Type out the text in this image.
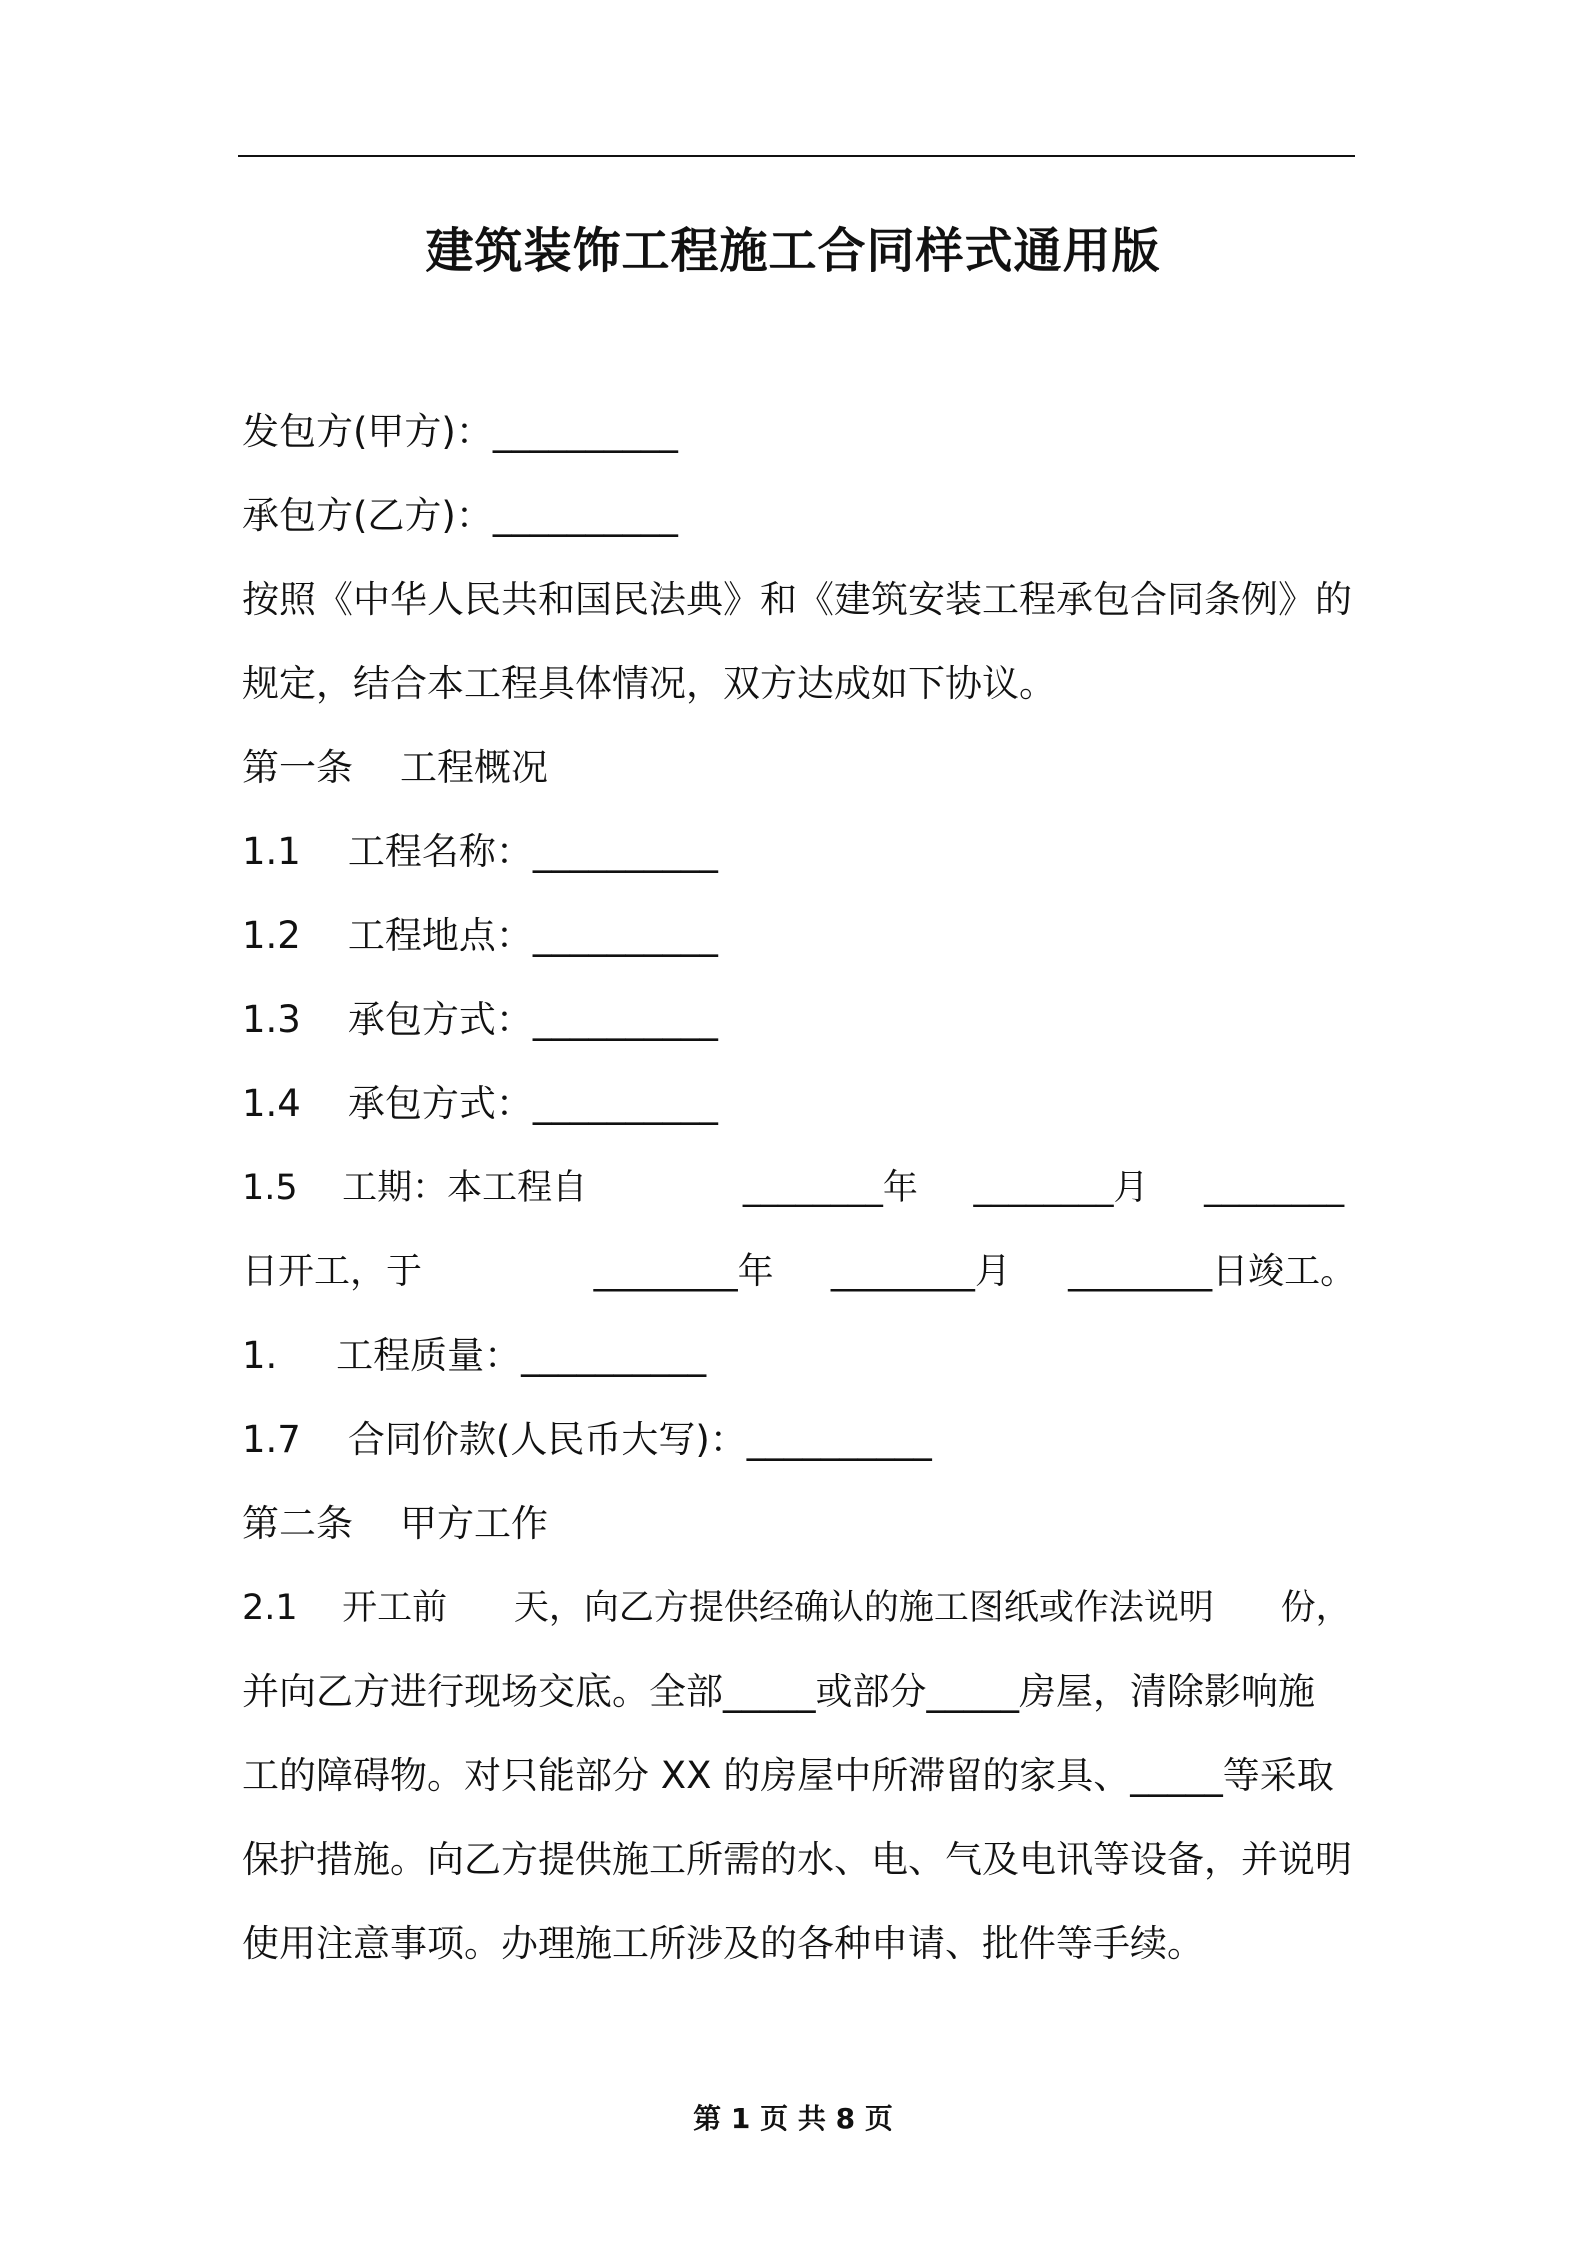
建筑装饰工程施工合同样式通用版
发包方(甲方)：__________
承包方(乙方)：__________
按照《中华人民共和国民法典》和《建筑安装工程承包合同条例》的
规定，结合本工程具体情况，双方达成如下协议。
第一条    工程概况
1.1    工程名称：__________
1.2    工程地点：__________
1.3    承包方式：__________
1.4    承包方式：__________
1.5    工期：本工程自              ________年     ________月     ________
日开工，于               ________年     ________月     ________日竣工。
1.     工程质量：__________
1.7    合同价款(人民币大写)：__________
第二条    甲方工作
2.1    开工前      天，向乙方提供经确认的施工图纸或作法说明      份，
并向乙方进行现场交底。全部_____或部分_____房屋，清除影响施
工的障碍物。对只能部分 XX 的房屋中所滞留的家具、_____等采取
保护措施。向乙方提供施工所需的水、电、气及电讯等设备，并说明
使用注意事项。办理施工所涉及的各种申请、批件等手续。
第 1 页 共 8 页
